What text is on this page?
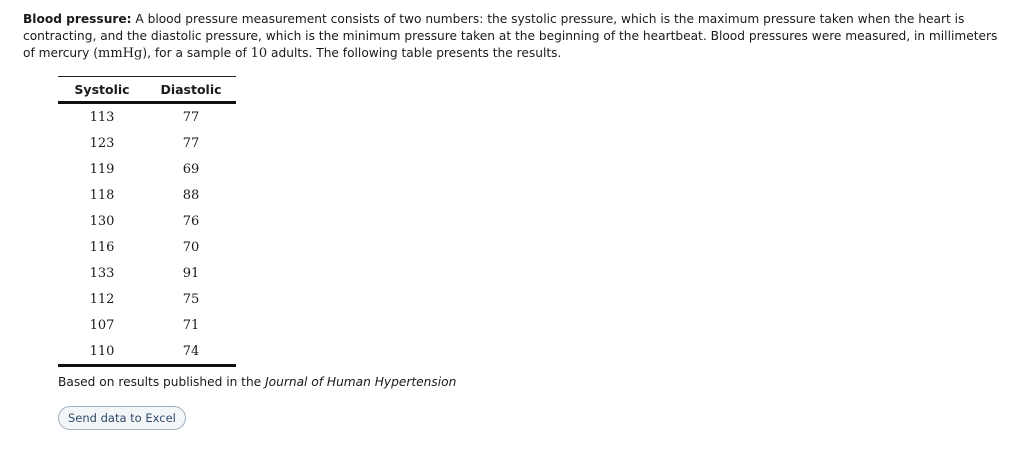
Blood pressure: A blood pressure measurement consists of two numbers: the systolic pressure, which is the maximum pressure taken when the heart is contracting, and the diastolic pressure, which is the minimum pressure taken at the beginning of the heartbeat. Blood pressures were measured, in millimeters of mercury (mmHg), for a sample of 10 adults. The following table presents the results.

Systolic	Diastolic
113	77
123	77
119	69
118	88
130	76
116	70
133	91
112	75
107	71
110	74

Based on results published in the Journal of Human Hypertension

Send data to Excel
